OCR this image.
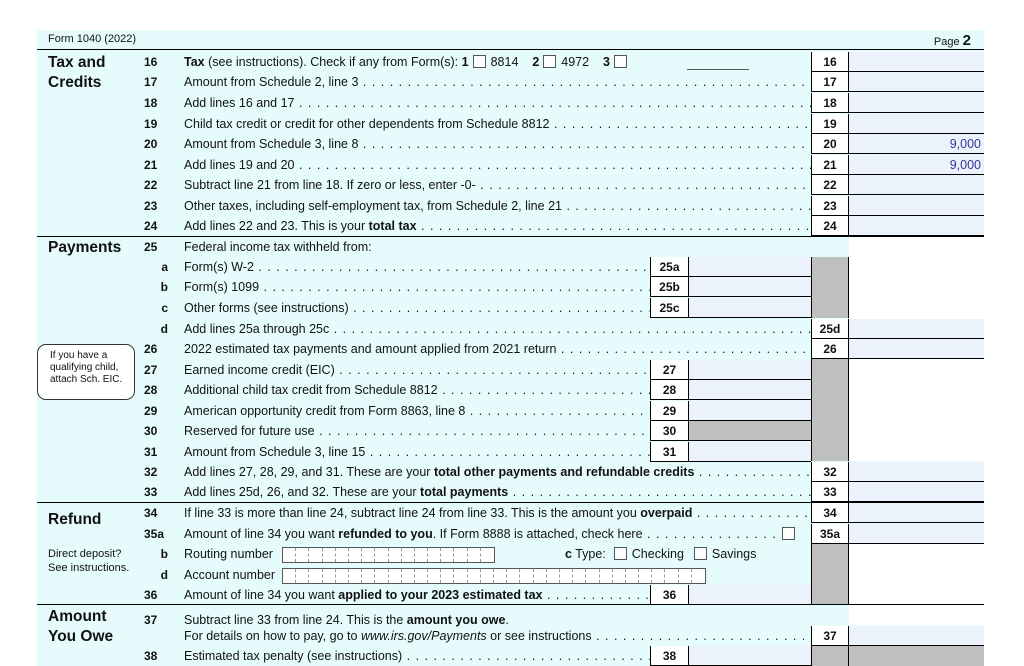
Form 1040 (2022)	Page 2
Tax and
Credits
Payments
Refund
Amount
You Owe
If you have a
qualifying child,
attach Sch. EIC.
Direct deposit?
See instructions.
16	Tax (see instructions). Check if any from Form(s): 1 8814 2 4972 3	16
17	Amount from Schedule 2, line 3 . .	17
18	Add lines 16 and 17 . .	18
19	Child tax credit or credit for other dependents from Schedule 8812 . .	19
20	Amount from Schedule 3, line 8 . .	20	9,000
21	Add lines 19 and 20 . .	21	9,000
22	Subtract line 21 from line 18. If zero or less, enter -0- . .	22
23	Other taxes, including self-employment tax, from Schedule 2, line 21 . .	23
24	Add lines 22 and 23. This is your total tax . .	24
25	Federal income tax withheld from:
a	Form(s) W-2 . .	25a
b	Form(s) 1099 . .	25b
c	Other forms (see instructions) . .	25c
d	Add lines 25a through 25c . .	25d
26	2022 estimated tax payments and amount applied from 2021 return . .	26
27	Earned income credit (EIC) . .	27
28	Additional child tax credit from Schedule 8812 . .	28
29	American opportunity credit from Form 8863, line 8 . .	29
30	Reserved for future use . .	30
31	Amount from Schedule 3, line 15 . .	31
32	Add lines 27, 28, 29, and 31. These are your total other payments and refundable credits . .	32
33	Add lines 25d, 26, and 32. These are your total payments . .	33
34	If line 33 is more than line 24, subtract line 24 from line 33. This is the amount you overpaid . .	34
35a	Amount of line 34 you want refunded to you. If Form 8888 is attached, check here . .	35a
b	Routing number	c Type: Checking Savings
d	Account number
36	Amount of line 34 you want applied to your 2023 estimated tax . .	36
37	Subtract line 33 from line 24. This is the amount you owe.
For details on how to pay, go to www.irs.gov/Payments or see instructions . .	37
38	Estimated tax penalty (see instructions) . .	38
